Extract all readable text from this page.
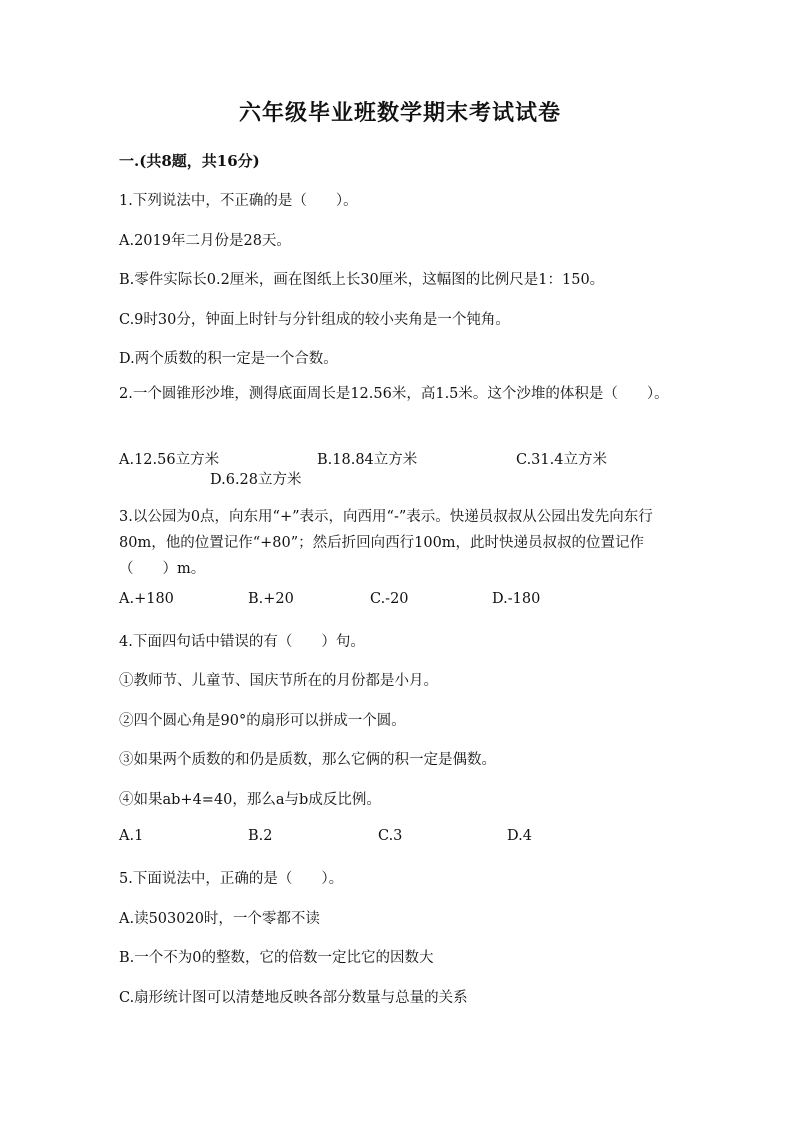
六年级毕业班数学期末考试试卷
一.(共8题，共16分)
1.下列说法中，不正确的是（　　）。
A.2019年二月份是28天。
B.零件实际长0.2厘米，画在图纸上长30厘米，这幅图的比例尺是1：150。
C.9时30分，钟面上时针与分针组成的较小夹角是一个钝角。
D.两个质数的积一定是一个合数。
2.一个圆锥形沙堆，测得底面周长是12.56米，高1.5米。这个沙堆的体积是（　　）。
A.12.56立方米	B.18.84立方米	C.31.4立方米
D.6.28立方米
3.以公园为0点，向东用“+”表示，向西用“-”表示。快递员叔叔从公园出发先向东行80m，他的位置记作“+80”；然后折回向西行100m，此时快递员叔叔的位置记作（　　）m。
A.+180	B.+20	C.-20	D.-180
4.下面四句话中错误的有（　　）句。
①教师节、儿童节、国庆节所在的月份都是小月。
②四个圆心角是90°的扇形可以拼成一个圆。
③如果两个质数的和仍是质数，那么它俩的积一定是偶数。
④如果ab+4=40，那么a与b成反比例。
A.1	B.2	C.3	D.4
5.下面说法中，正确的是（　　）。
A.读503020时，一个零都不读
B.一个不为0的整数，它的倍数一定比它的因数大
C.扇形统计图可以清楚地反映各部分数量与总量的关系
